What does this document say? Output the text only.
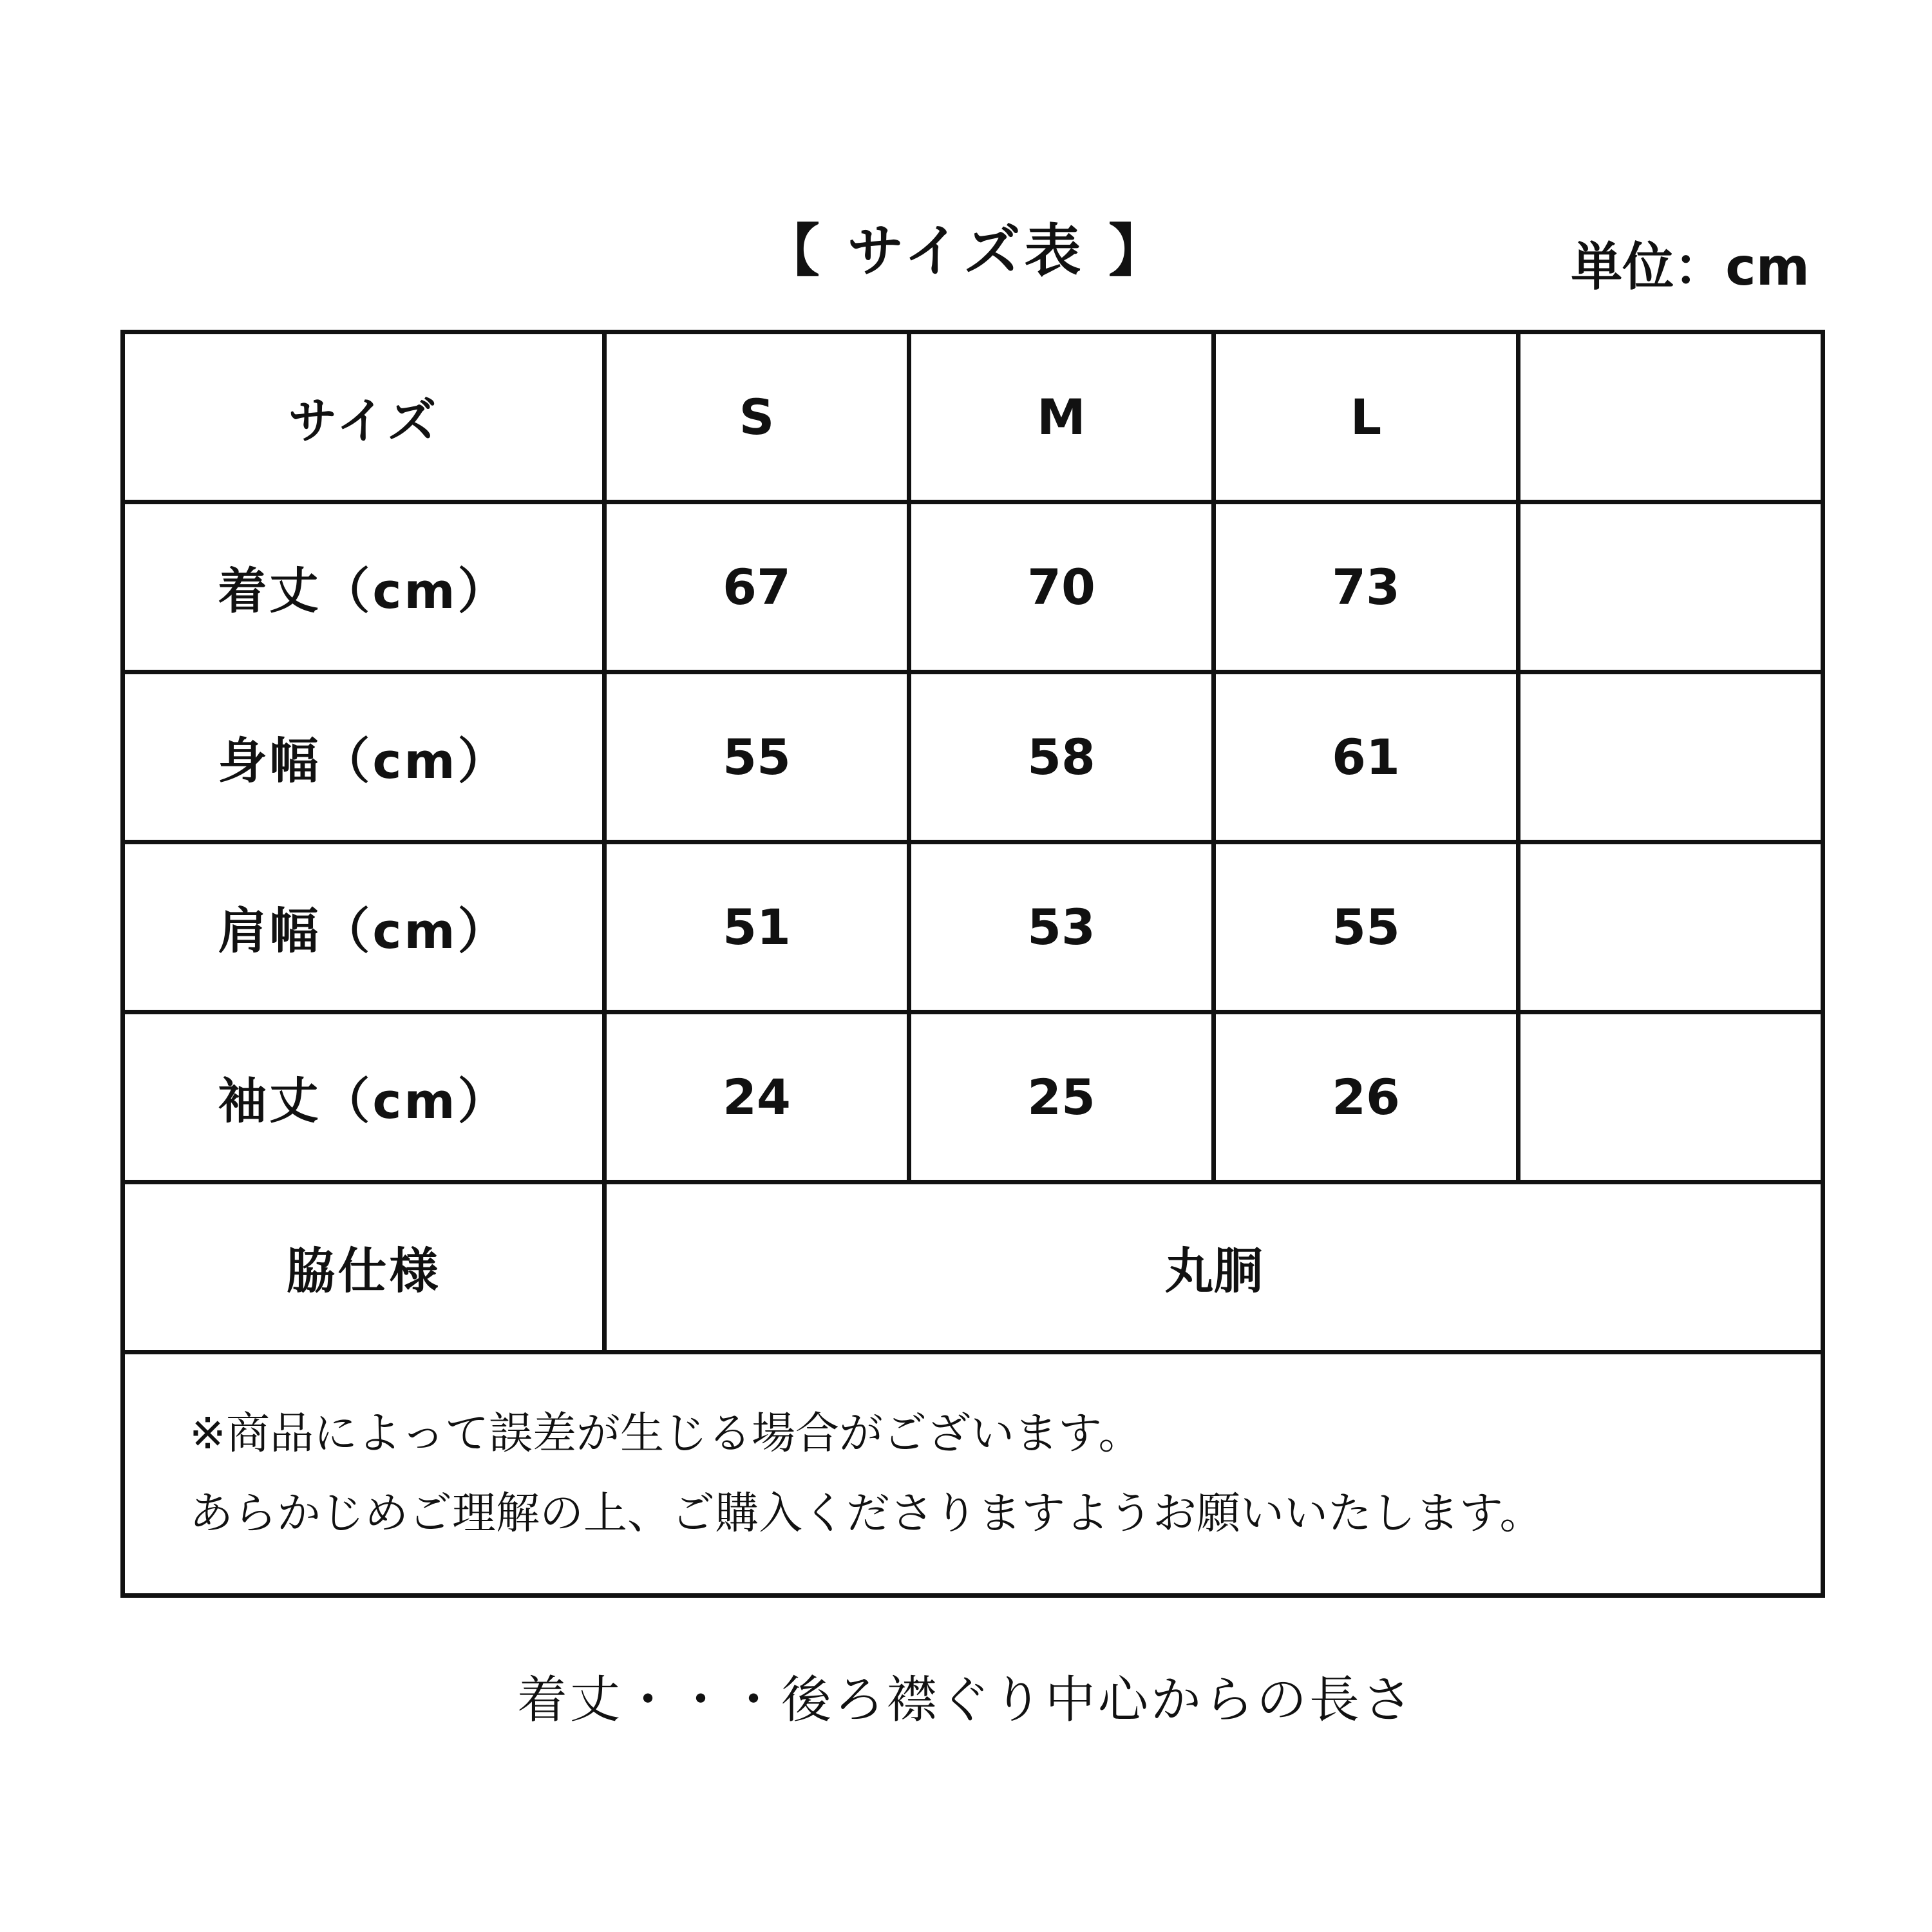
【 サイズ表 】	単位：cm
サイズ	S	M	L	
着丈（cm）	67	70	73	
身幅（cm）	55	58	61	
肩幅（cm）	51	53	55	
袖丈（cm）	24	25	26	
脇仕様	丸胴			

※商品によって誤差が生じる場合がございます。
あらかじめご理解の上、ご購入くださりますようお願いいたします。				
着丈・・・後ろ襟ぐり中心からの長さ
